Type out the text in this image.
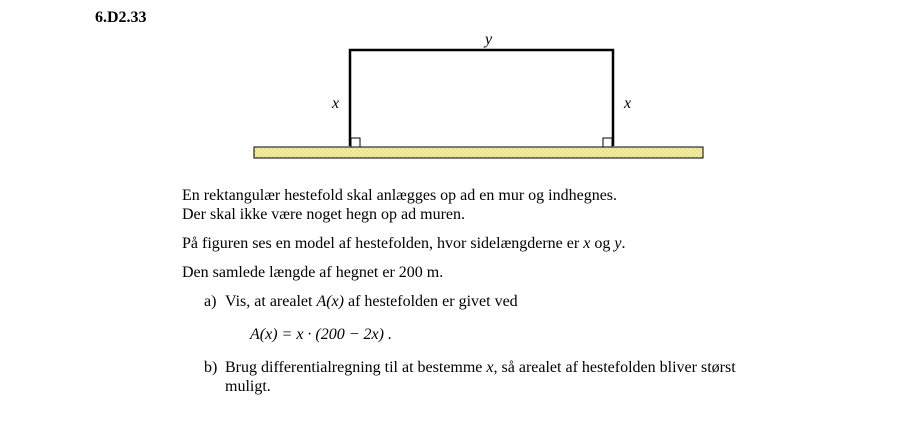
6.D2.33
y
x	x
En rektangulær hestefold skal anlægges op ad en mur og indhegnes.
Der skal ikke være noget hegn op ad muren.
På figuren ses en model af hestefolden, hvor sidelængderne er x og y.
Den samlede længde af hegnet er 200 m.
a) Vis, at arealet A(x) af hestefolden er givet ved
A(x) = x · (200 − 2x) .
b) Brug differentialregning til at bestemme x, så arealet af hestefolden bliver størst
muligt.
